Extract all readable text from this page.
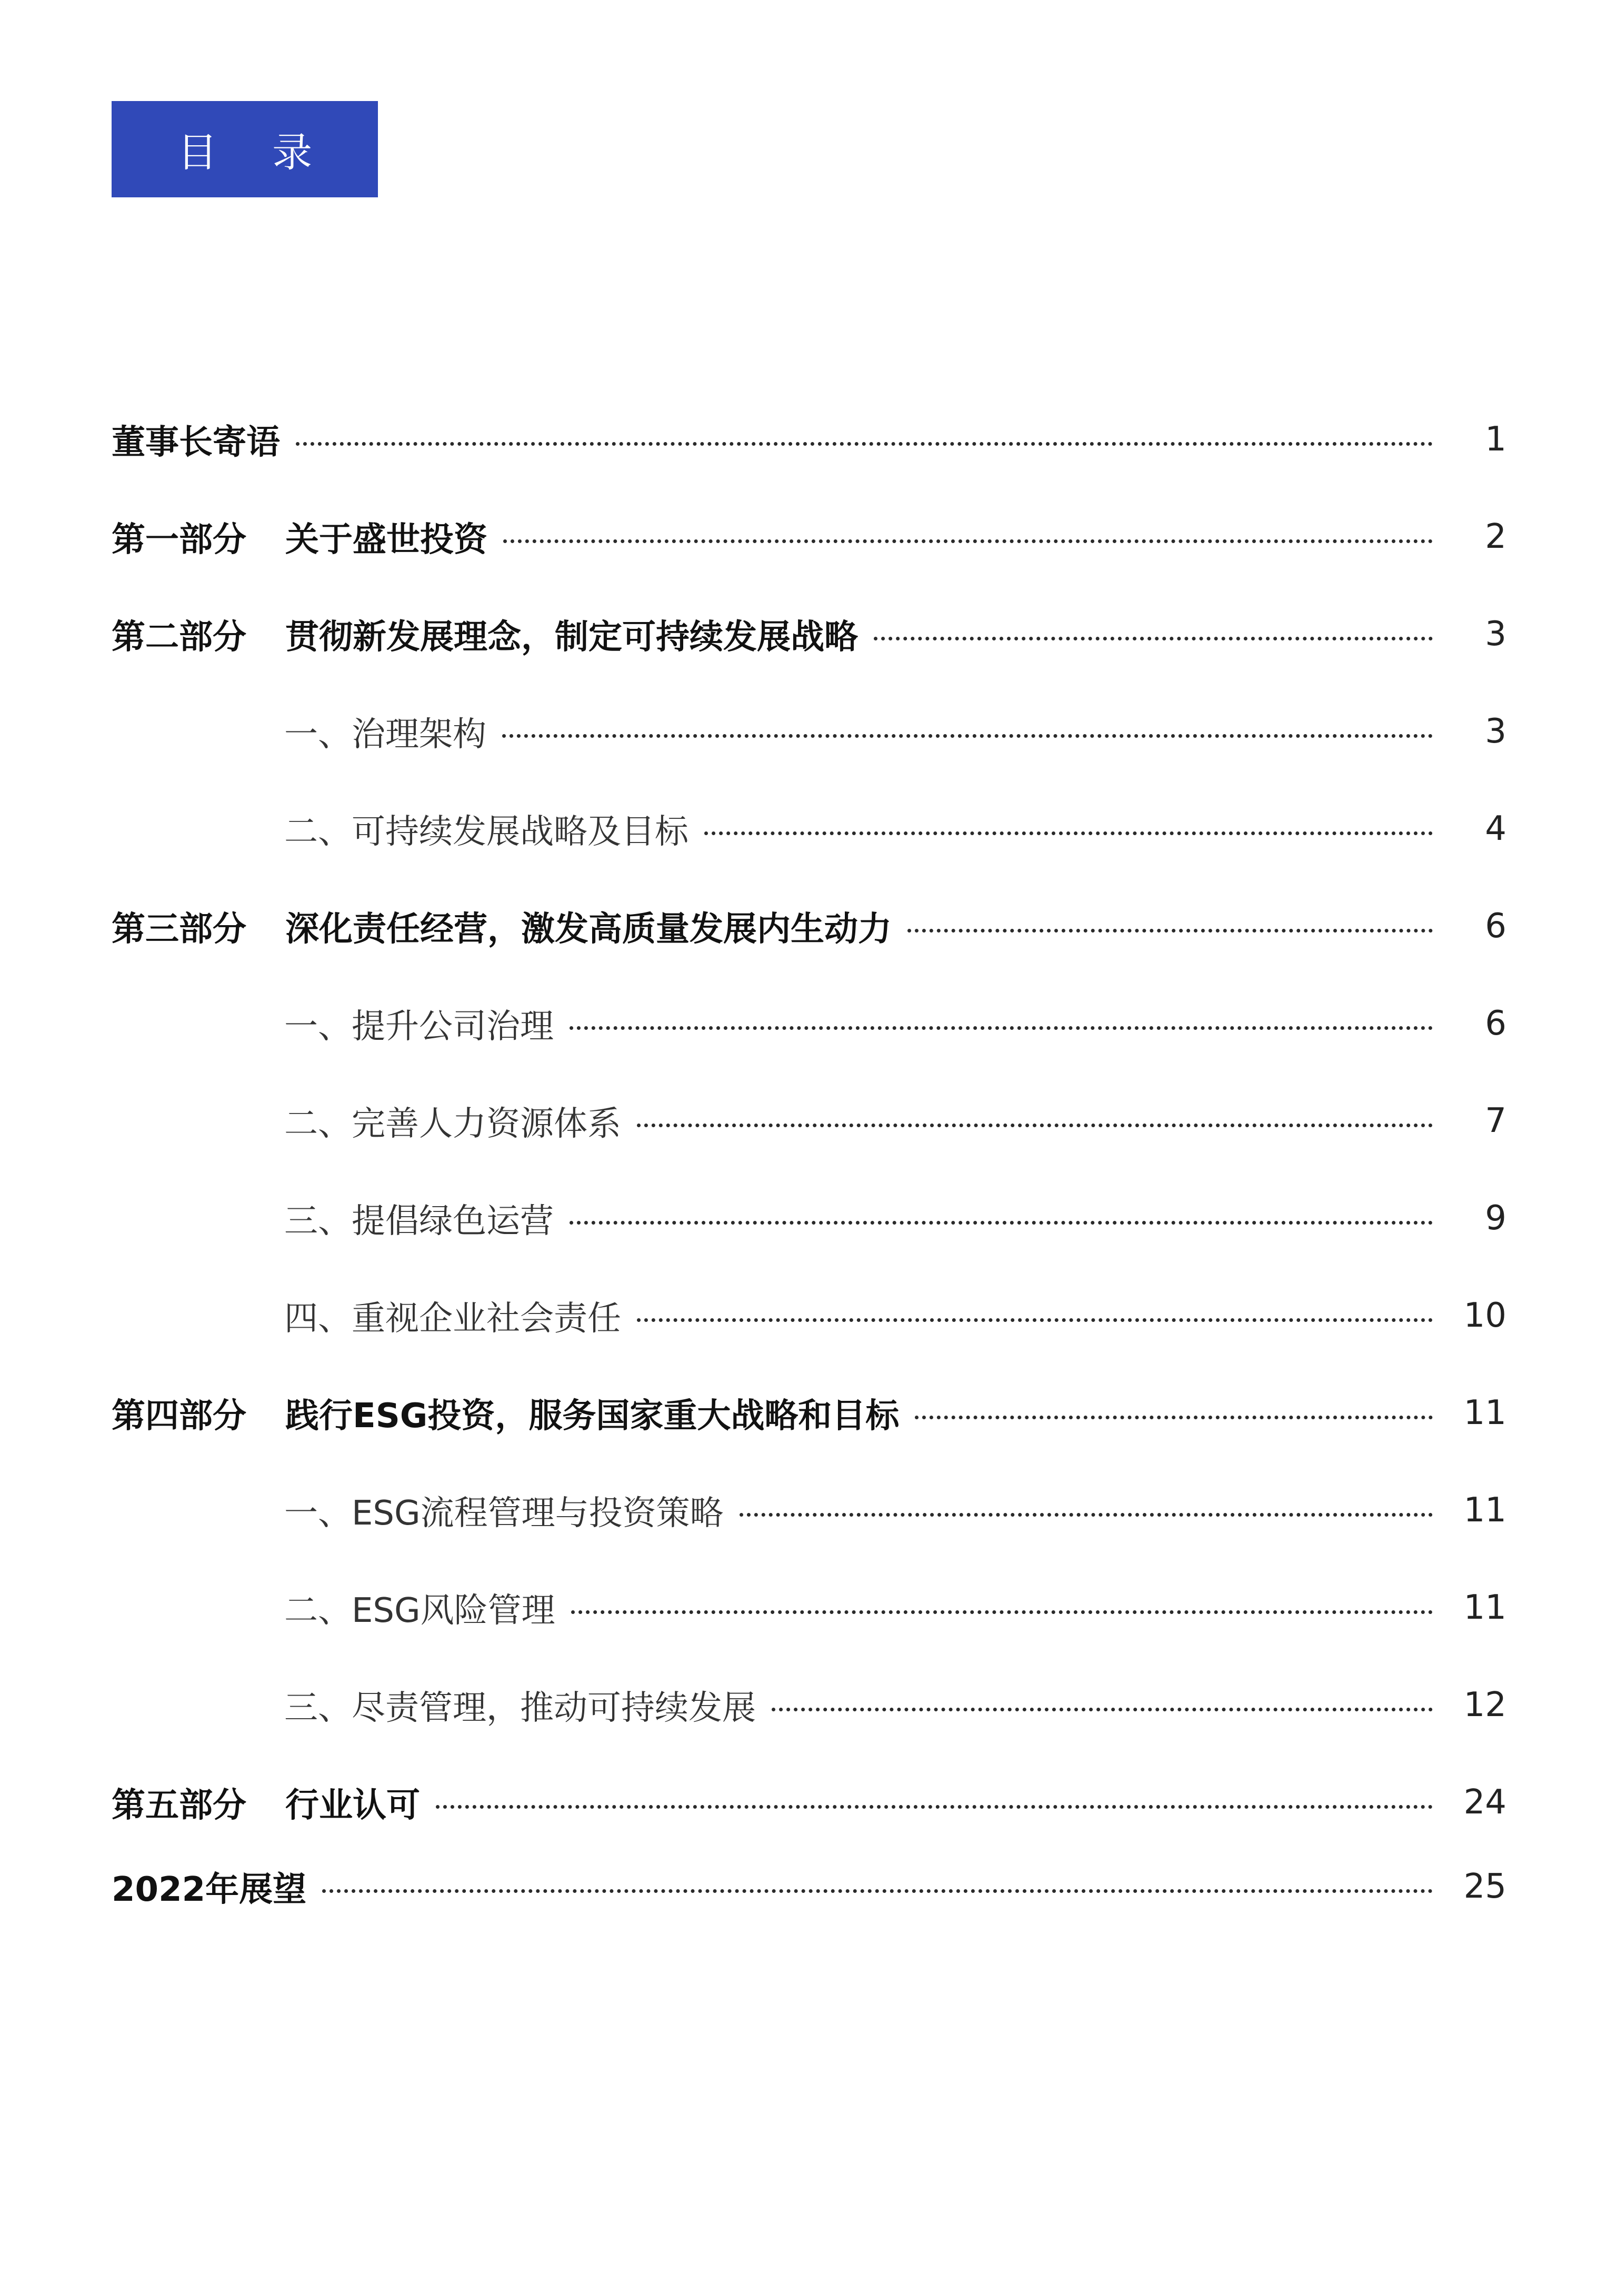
目 录
董事长寄语	1
第一部分	关于盛世投资	2
第二部分	贯彻新发展理念，制定可持续发展战略	3
一、治理架构	3
二、可持续发展战略及目标	4
第三部分	深化责任经营，激发高质量发展内生动力	6
一、提升公司治理	6
二、完善人力资源体系	7
三、提倡绿色运营	9
四、重视企业社会责任	10
第四部分	践行ESG投资，服务国家重大战略和目标	11
一、ESG流程管理与投资策略	11
二、ESG风险管理	11
三、尽责管理，推动可持续发展	12
第五部分	行业认可	24
2022年展望	25
